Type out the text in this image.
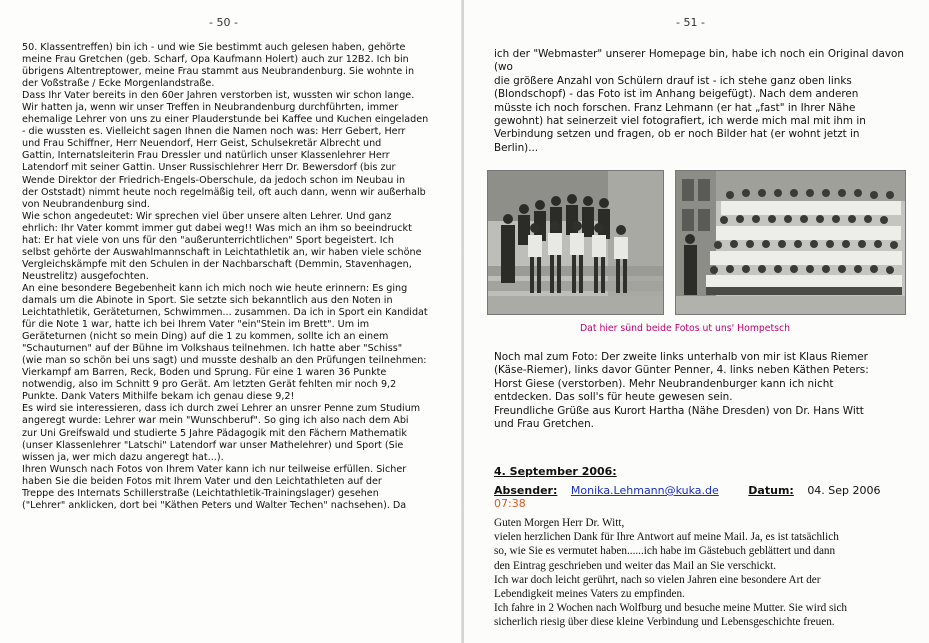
- 50 -

50. Klassentreffen) bin ich - und wie Sie bestimmt auch gelesen haben, gehörte

meine Frau Gretchen (geb. Scharf, Opa Kaufmann Holert) auch zur 12B2. Ich bin

übrigens Altentreptower, meine Frau stammt aus Neubrandenburg. Sie wohnte in

der Voßstraße / Ecke Morgenlandstraße.

Dass Ihr Vater bereits in den 60er Jahren verstorben ist, wussten wir schon lange.

Wir hatten ja, wenn wir unser Treffen in Neubrandenburg durchführten, immer

ehemalige Lehrer von uns zu einer Plauderstunde bei Kaffee und Kuchen eingeladen

- die wussten es. Vielleicht sagen Ihnen die Namen noch was: Herr Gebert, Herr

und Frau Schiffner, Herr Neuendorf, Herr Geist, Schulsekretär Albrecht und

Gattin, Internatsleiterin Frau Dressler und natürlich unser Klassenlehrer Herr

Latendorf mit seiner Gattin. Unser Russischlehrer Herr Dr. Bewersdorf (bis zur

Wende Direktor der Friedrich-Engels-Oberschule, da jedoch schon im Neubau in

der Oststadt) nimmt heute noch regelmäßig teil, oft auch dann, wenn wir außerhalb

von Neubrandenburg sind.

Wie schon angedeutet: Wir sprechen viel über unsere alten Lehrer. Und ganz

ehrlich: Ihr Vater kommt immer gut dabei weg!! Was mich an ihm so beeindruckt

hat: Er hat viele von uns für den "außerunterrichtlichen" Sport begeistert. Ich

selbst gehörte der Auswahlmannschaft in Leichtathletik an, wir haben viele schöne

Vergleichskämpfe mit den Schulen in der Nachbarschaft (Demmin, Stavenhagen,

Neustrelitz) ausgefochten.

An eine besondere Begebenheit kann ich mich noch wie heute erinnern: Es ging

damals um die Abinote in Sport. Sie setzte sich bekanntlich aus den Noten in

Leichtathletik, Geräteturnen, Schwimmen... zusammen. Da ich in Sport ein Kandidat

für die Note 1 war, hatte ich bei Ihrem Vater "ein"Stein im Brett". Um im

Geräteturnen (nicht so mein Ding) auf die 1 zu kommen, sollte ich an einem

"Schauturnen" auf der Bühne im Volkshaus teilnehmen. Ich hatte aber "Schiss"

(wie man so schön bei uns sagt) und musste deshalb an den Prüfungen teilnehmen:

Vierkampf am Barren, Reck, Boden und Sprung. Für eine 1 waren 36 Punkte

notwendig, also im Schnitt 9 pro Gerät. Am letzten Gerät fehlten mir noch 9,2

Punkte. Dank Vaters Mithilfe bekam ich genau diese 9,2!

Es wird sie interessieren, dass ich durch zwei Lehrer an unsrer Penne zum Studium

angeregt wurde: Lehrer war mein "Wunschberuf". So ging ich also nach dem Abi

zur Uni Greifswald und studierte 5 Jahre Pädagogik mit den Fächern Mathematik

(unser Klassenlehrer "Latschi" Latendorf war unser Mathelehrer) und Sport (Sie

wissen ja, wer mich dazu angeregt hat...).

Ihren Wunsch nach Fotos von Ihrem Vater kann ich nur teilweise erfüllen. Sicher

haben Sie die beiden Fotos mit Ihrem Vater und den Leichtathleten auf der

Treppe des Internats Schillerstraße (Leichtathletik-Trainingslager) gesehen

("Lehrer" anklicken, dort bei "Käthen Peters und Walter Techen" nachsehen). Da

- 51 -

ich der "Webmaster" unserer Homepage bin, habe ich noch ein Original davon (wo

die größere Anzahl von Schülern drauf ist - ich stehe ganz oben links

(Blondschopf) - das Foto ist im Anhang beigefügt). Nach dem anderen

müsste ich noch forschen. Franz Lehmann (er hat „fast" in Ihrer Nähe

gewohnt) hat seinerzeit viel fotografiert, ich werde mich mal mit ihm in

Verbindung setzen und fragen, ob er noch Bilder hat (er wohnt jetzt in

Berlin)...

Dat hier sünd beide Fotos ut uns' Hompetsch

Noch mal zum Foto: Der zweite links unterhalb von mir ist Klaus Riemer

(Käse-Riemer), links davor Günter Penner, 4. links neben Käthen Peters:

Horst Giese (verstorben). Mehr Neubrandenburger kann ich nicht

entdecken. Das soll's für heute gewesen sein.

Freundliche Grüße aus Kurort Hartha (Nähe Dresden) von Dr. Hans Witt

und Frau Gretchen.

4. September 2006:
Absender: Monika.Lehmann@kuka.de	Datum: 04. Sep 2006 07:38

Guten Morgen Herr Dr. Witt,

vielen herzlichen Dank für Ihre Antwort auf meine Mail. Ja, es ist tatsächlich

so, wie Sie es vermutet haben......ich habe im Gästebuch geblättert und dann

den Eintrag geschrieben und weiter das Mail an Sie verschickt.

Ich war doch leicht gerührt, nach so vielen Jahren eine besondere Art der

Lebendigkeit meines Vaters zu empfinden.

Ich fahre in 2 Wochen nach Wolfburg und besuche meine Mutter. Sie wird sich

sicherlich riesig über diese kleine Verbindung und Lebensgeschichte freuen.
